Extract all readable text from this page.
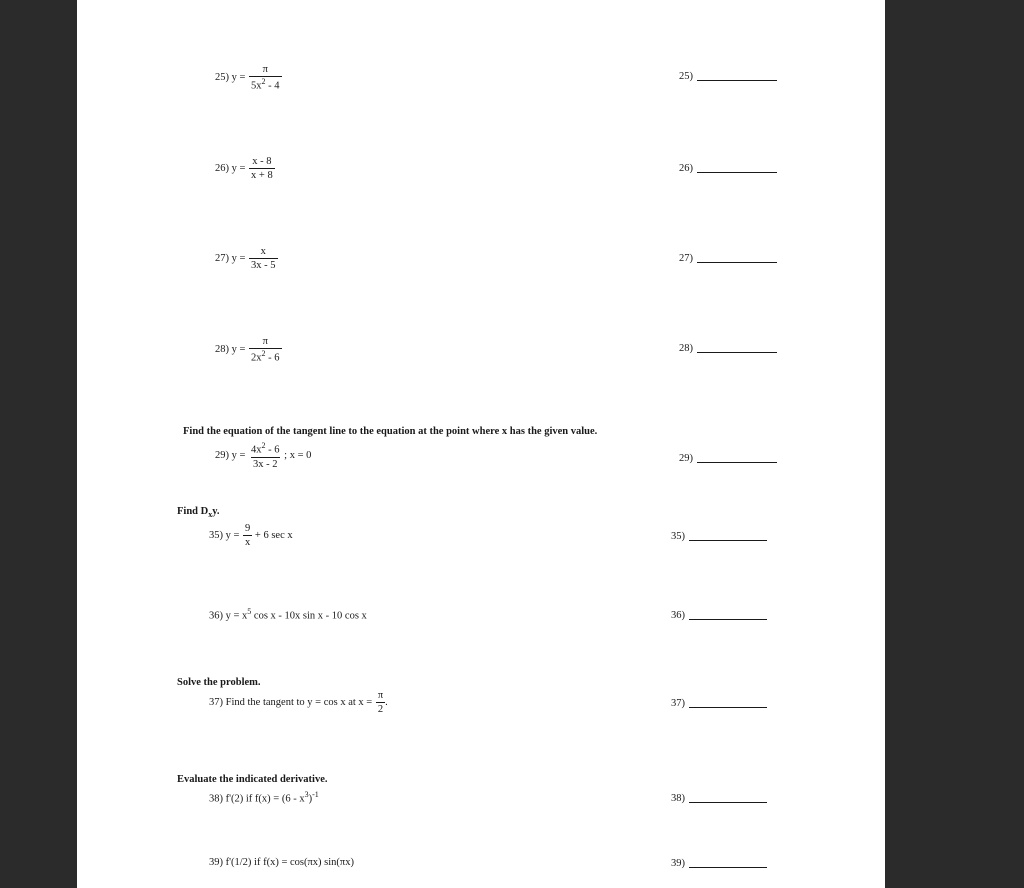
25) $y = \frac{\pi}{5x^2 - 4}$	25)
26) $y = \frac{x - 8}{x + 8}$	26)
27) $y = \frac{x}{3x - 5}$	27)
28) $y = \frac{\pi}{2x^2 - 6}$	28)
Find the equation of the tangent line to the equation at the point where x has the given value.
29) $y = \frac{4x^2 - 6}{3x - 2}$ ; x = 0	29)
Find $D_xy$.
35) $y = \frac{9}{x} + 6$ sec x	35)
36) $y = x^5$ cos x - 10x sin x - 10 cos x	36)
Solve the problem.
37) Find the tangent to y = cos x at $x = \frac{\pi}{2}$ .	37)
Evaluate the indicated derivative.
38) f'(2) if $f(x) = (6 - x^3)^{-1}$	38)
39) f'(1/2) if f(x) = cos(πx) sin(πx)	39)
